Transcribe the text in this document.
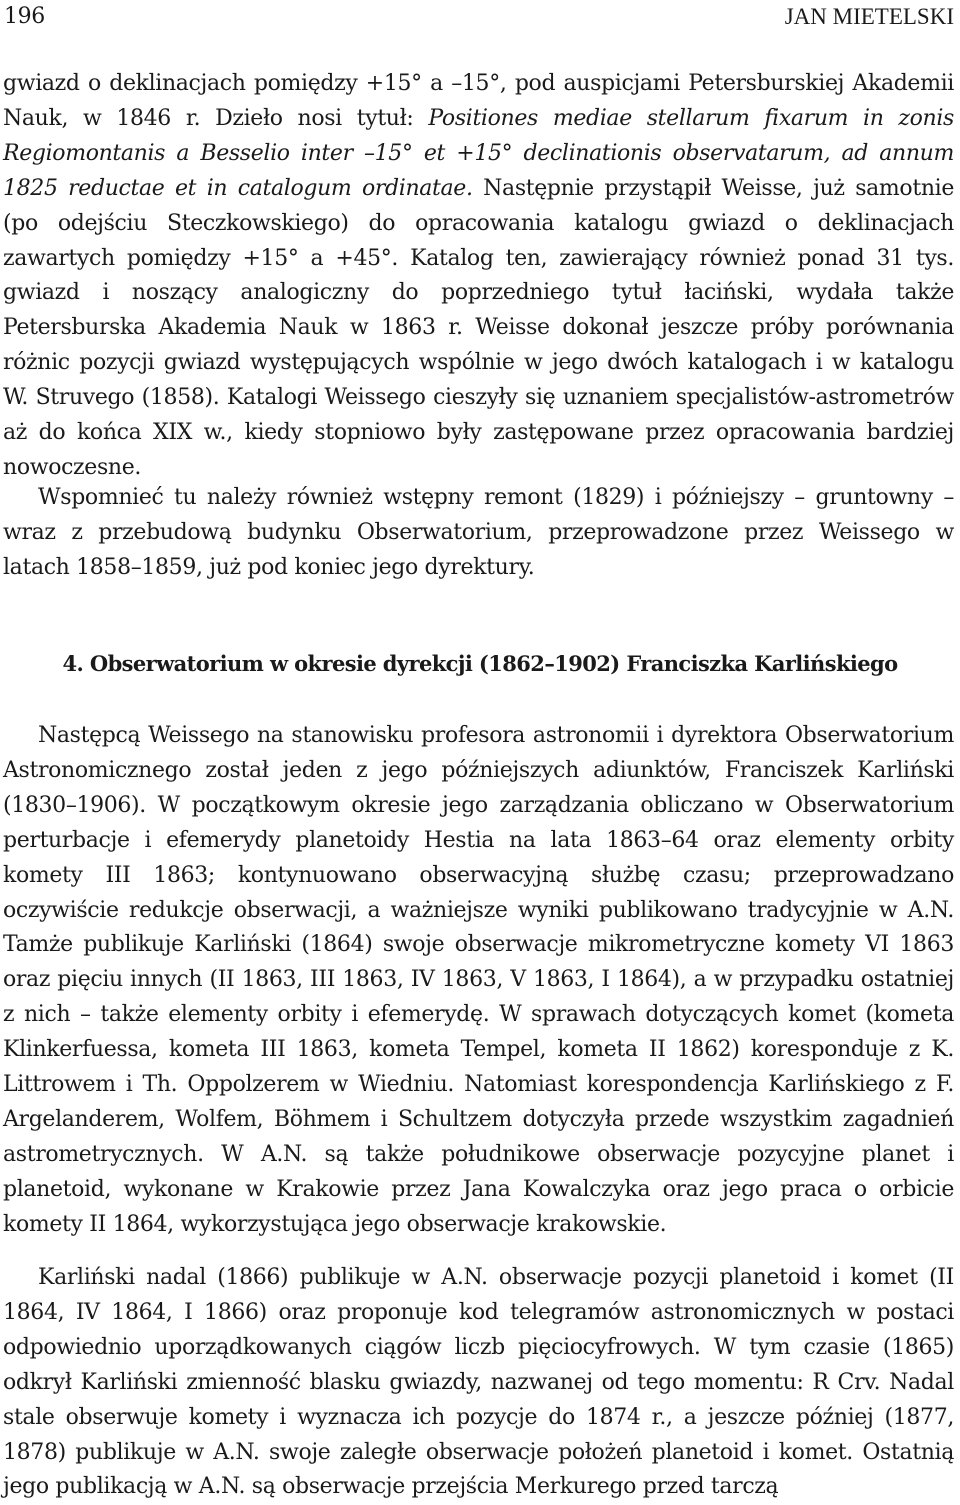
196	JAN MIETELSKI

gwiazd o deklinacjach pomiędzy +15° a –15°, pod auspicjami Petersburskiej Akademii Nauk, w 1846 r. Dzieło nosi tytuł: Positiones mediae stellarum fixarum in zonis Regiomontanis a Besselio inter –15° et +15° declinationis observatarum, ad annum 1825 reductae et in catalogum ordinatae. Następnie przystąpił Weisse, już samotnie (po odejściu Steczkowskiego) do opracowania katalogu gwiazd o deklinacjach zawartych pomiędzy +15° a +45°. Katalog ten, zawierający również ponad 31 tys. gwiazd i noszący analogiczny do poprzedniego tytuł łaciński, wydała także Petersburska Akademia Nauk w 1863 r. Weisse dokonał jeszcze próby porównania różnic pozycji gwiazd występujących wspólnie w jego dwóch katalogach i w katalogu W. Struvego (1858). Katalogi Weissego cieszyły się uznaniem specjalistów-astrometrów aż do końca XIX w., kiedy stopniowo były zastępowane przez opracowania bardziej nowoczesne.

Wspomnieć tu należy również wstępny remont (1829) i późniejszy – gruntowny – wraz z przebudową budynku Obserwatorium, przeprowadzone przez Weissego w latach 1858–1859, już pod koniec jego dyrektury.

4. Obserwatorium w okresie dyrekcji (1862–1902) Franciszka Karlińskiego

Następcą Weissego na stanowisku profesora astronomii i dyrektora Obserwatorium Astronomicznego został jeden z jego późniejszych adiunktów, Franciszek Karliński (1830–1906). W początkowym okresie jego zarządzania obliczano w Obserwatorium perturbacje i efemerydy planetoidy Hestia na lata 1863–64 oraz elementy orbity komety III 1863; kontynuowano obserwacyjną służbę czasu; przeprowadzano oczywiście redukcje obserwacji, a ważniejsze wyniki publikowano tradycyjnie w A.N. Tamże publikuje Karliński (1864) swoje obserwacje mikrometryczne komety VI 1863 oraz pięciu innych (II 1863, III 1863, IV 1863, V 1863, I 1864), a w przypadku ostatniej z nich – także elementy orbity i efemerydę. W sprawach dotyczących komet (kometa Klinkerfuessa, kometa III 1863, kometa Tempel, kometa II 1862) koresponduje z K. Littrowem i Th. Oppolzerem w Wiedniu. Natomiast korespondencja Karlińskiego z F. Argelanderem, Wolfem, Böhmem i Schultzem dotyczyła przede wszystkim zagadnień astrometrycznych. W A.N. są także południkowe obserwacje pozycyjne planet i planetoid, wykonane w Krakowie przez Jana Kowalczyka oraz jego praca o orbicie komety II 1864, wykorzystująca jego obserwacje krakowskie.

Karliński nadal (1866) publikuje w A.N. obserwacje pozycji planetoid i komet (II 1864, IV 1864, I 1866) oraz proponuje kod telegramów astronomicznych w postaci odpowiednio uporządkowanych ciągów liczb pięciocyfrowych. W tym czasie (1865) odkrył Karliński zmienność blasku gwiazdy, nazwanej od tego momentu: R Crv. Nadal stale obserwuje komety i wyznacza ich pozycje do 1874 r., a jeszcze później (1877, 1878) publikuje w A.N. swoje zaległe obserwacje położeń planetoid i komet. Ostatnią jego publikacją w A.N. są obserwacje przejścia Merkurego przed tarczą
